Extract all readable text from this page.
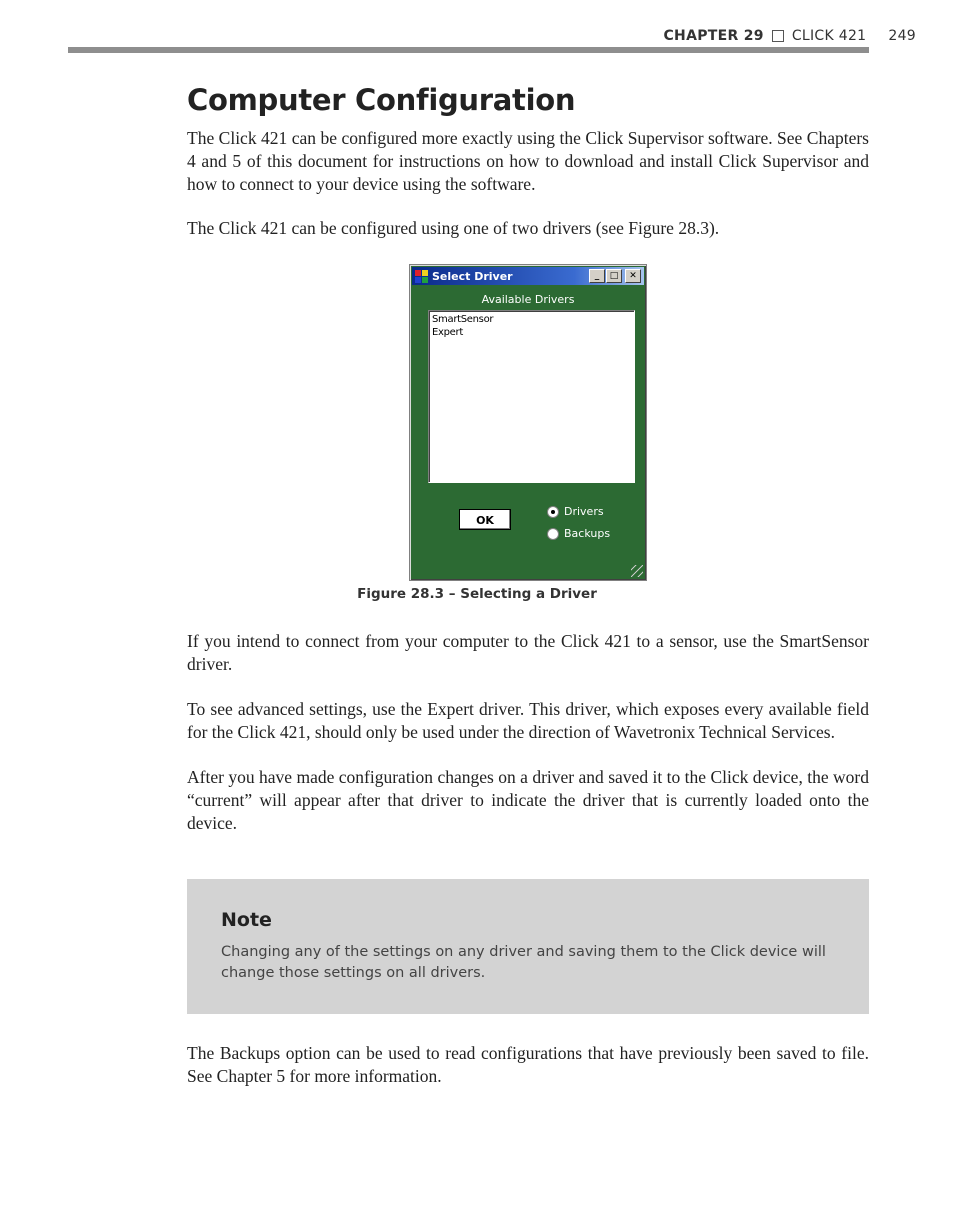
CHAPTER 29 CLICK 421 249
Computer Configuration

The Click 421 can be configured more exactly using the Click Supervisor software. See Chapters 4 and 5 of this document for instructions on how to download and install Click Supervisor and how to connect to your device using the software.

The Click 421 can be configured using one of two drivers (see Figure 28.3).

Select Driver	_	□	✕
Available Drivers
SmartSensor
Expert
OK
Drivers
Backups
Figure 28.3 – Selecting a Driver

If you intend to connect from your computer to the Click 421 to a sensor, use the SmartSensor driver.

To see advanced settings, use the Expert driver. This driver, which exposes every available field for the Click 421, should only be used under the direction of Wavetronix Technical Services.

After you have made configuration changes on a driver and saved it to the Click device, the word “current” will appear after that driver to indicate the driver that is currently loaded onto the device.

Note
Changing any of the settings on any driver and saving them to the Click device will change those settings on all drivers.

The Backups option can be used to read configurations that have previously been saved to file. See Chapter 5 for more information.
